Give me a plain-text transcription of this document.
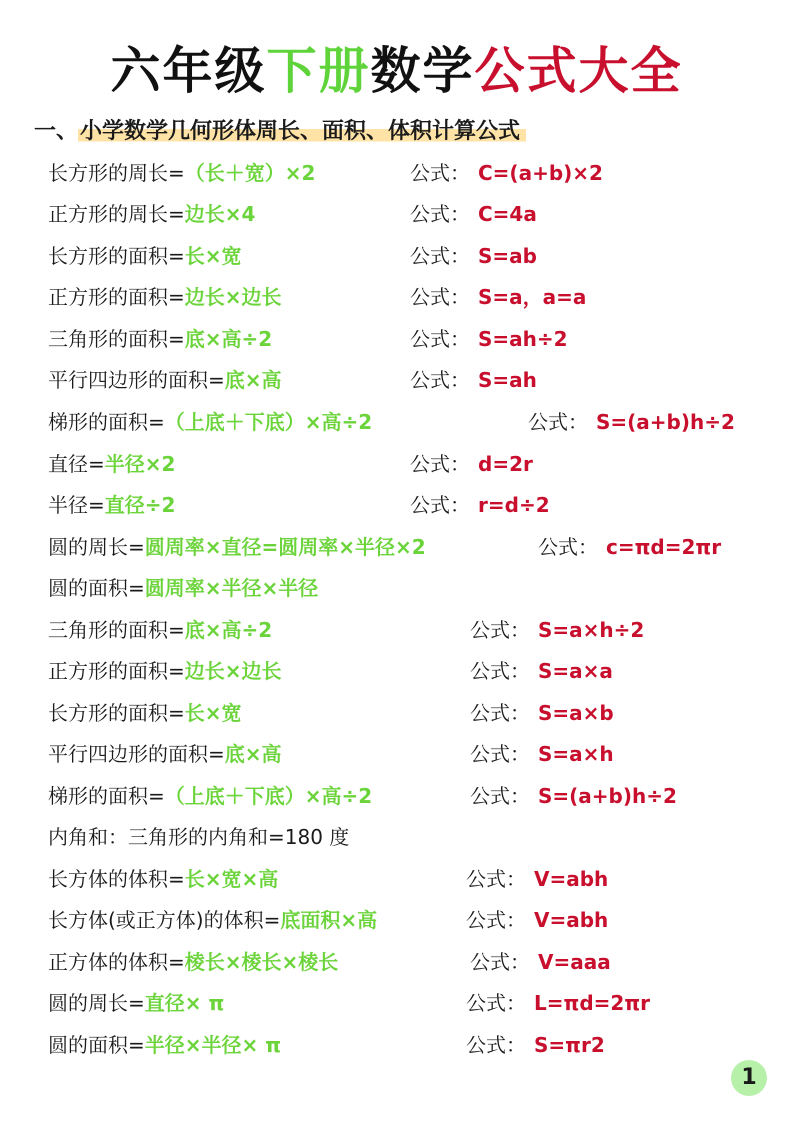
六年级下册数学公式大全
一、小学数学几何形体周长、面积、体积计算公式
长方形的周长=（长＋宽）×2	公式： C=(a+b)×2
正方形的周长=边长×4	公式： C=4a
长方形的面积=长×宽	公式： S=ab
正方形的面积=边长×边长	公式： S=a，a=a
三角形的面积=底×高÷2	公式： S=ah÷2
平行四边形的面积=底×高	公式： S=ah
梯形的面积=（上底＋下底）×高÷2	公式： S=(a+b)h÷2
直径=半径×2	公式： d=2r
半径=直径÷2	公式： r=d÷2
圆的周长=圆周率×直径=圆周率×半径×2	公式： c=πd=2πr
圆的面积=圆周率×半径×半径
三角形的面积=底×高÷2	公式： S=a×h÷2
正方形的面积=边长×边长	公式： S=a×a
长方形的面积=长×宽	公式： S=a×b
平行四边形的面积=底×高	公式： S=a×h
梯形的面积=（上底＋下底）×高÷2	公式： S=(a+b)h÷2
内角和：三角形的内角和=180 度
长方体的体积=长×宽×高	公式： V=abh
长方体(或正方体)的体积=底面积×高	公式： V=abh
正方体的体积=棱长×棱长×棱长	公式： V=aaa
圆的周长=直径× π	公式： L=πd=2πr
圆的面积=半径×半径× π	公式： S=πr2
1
